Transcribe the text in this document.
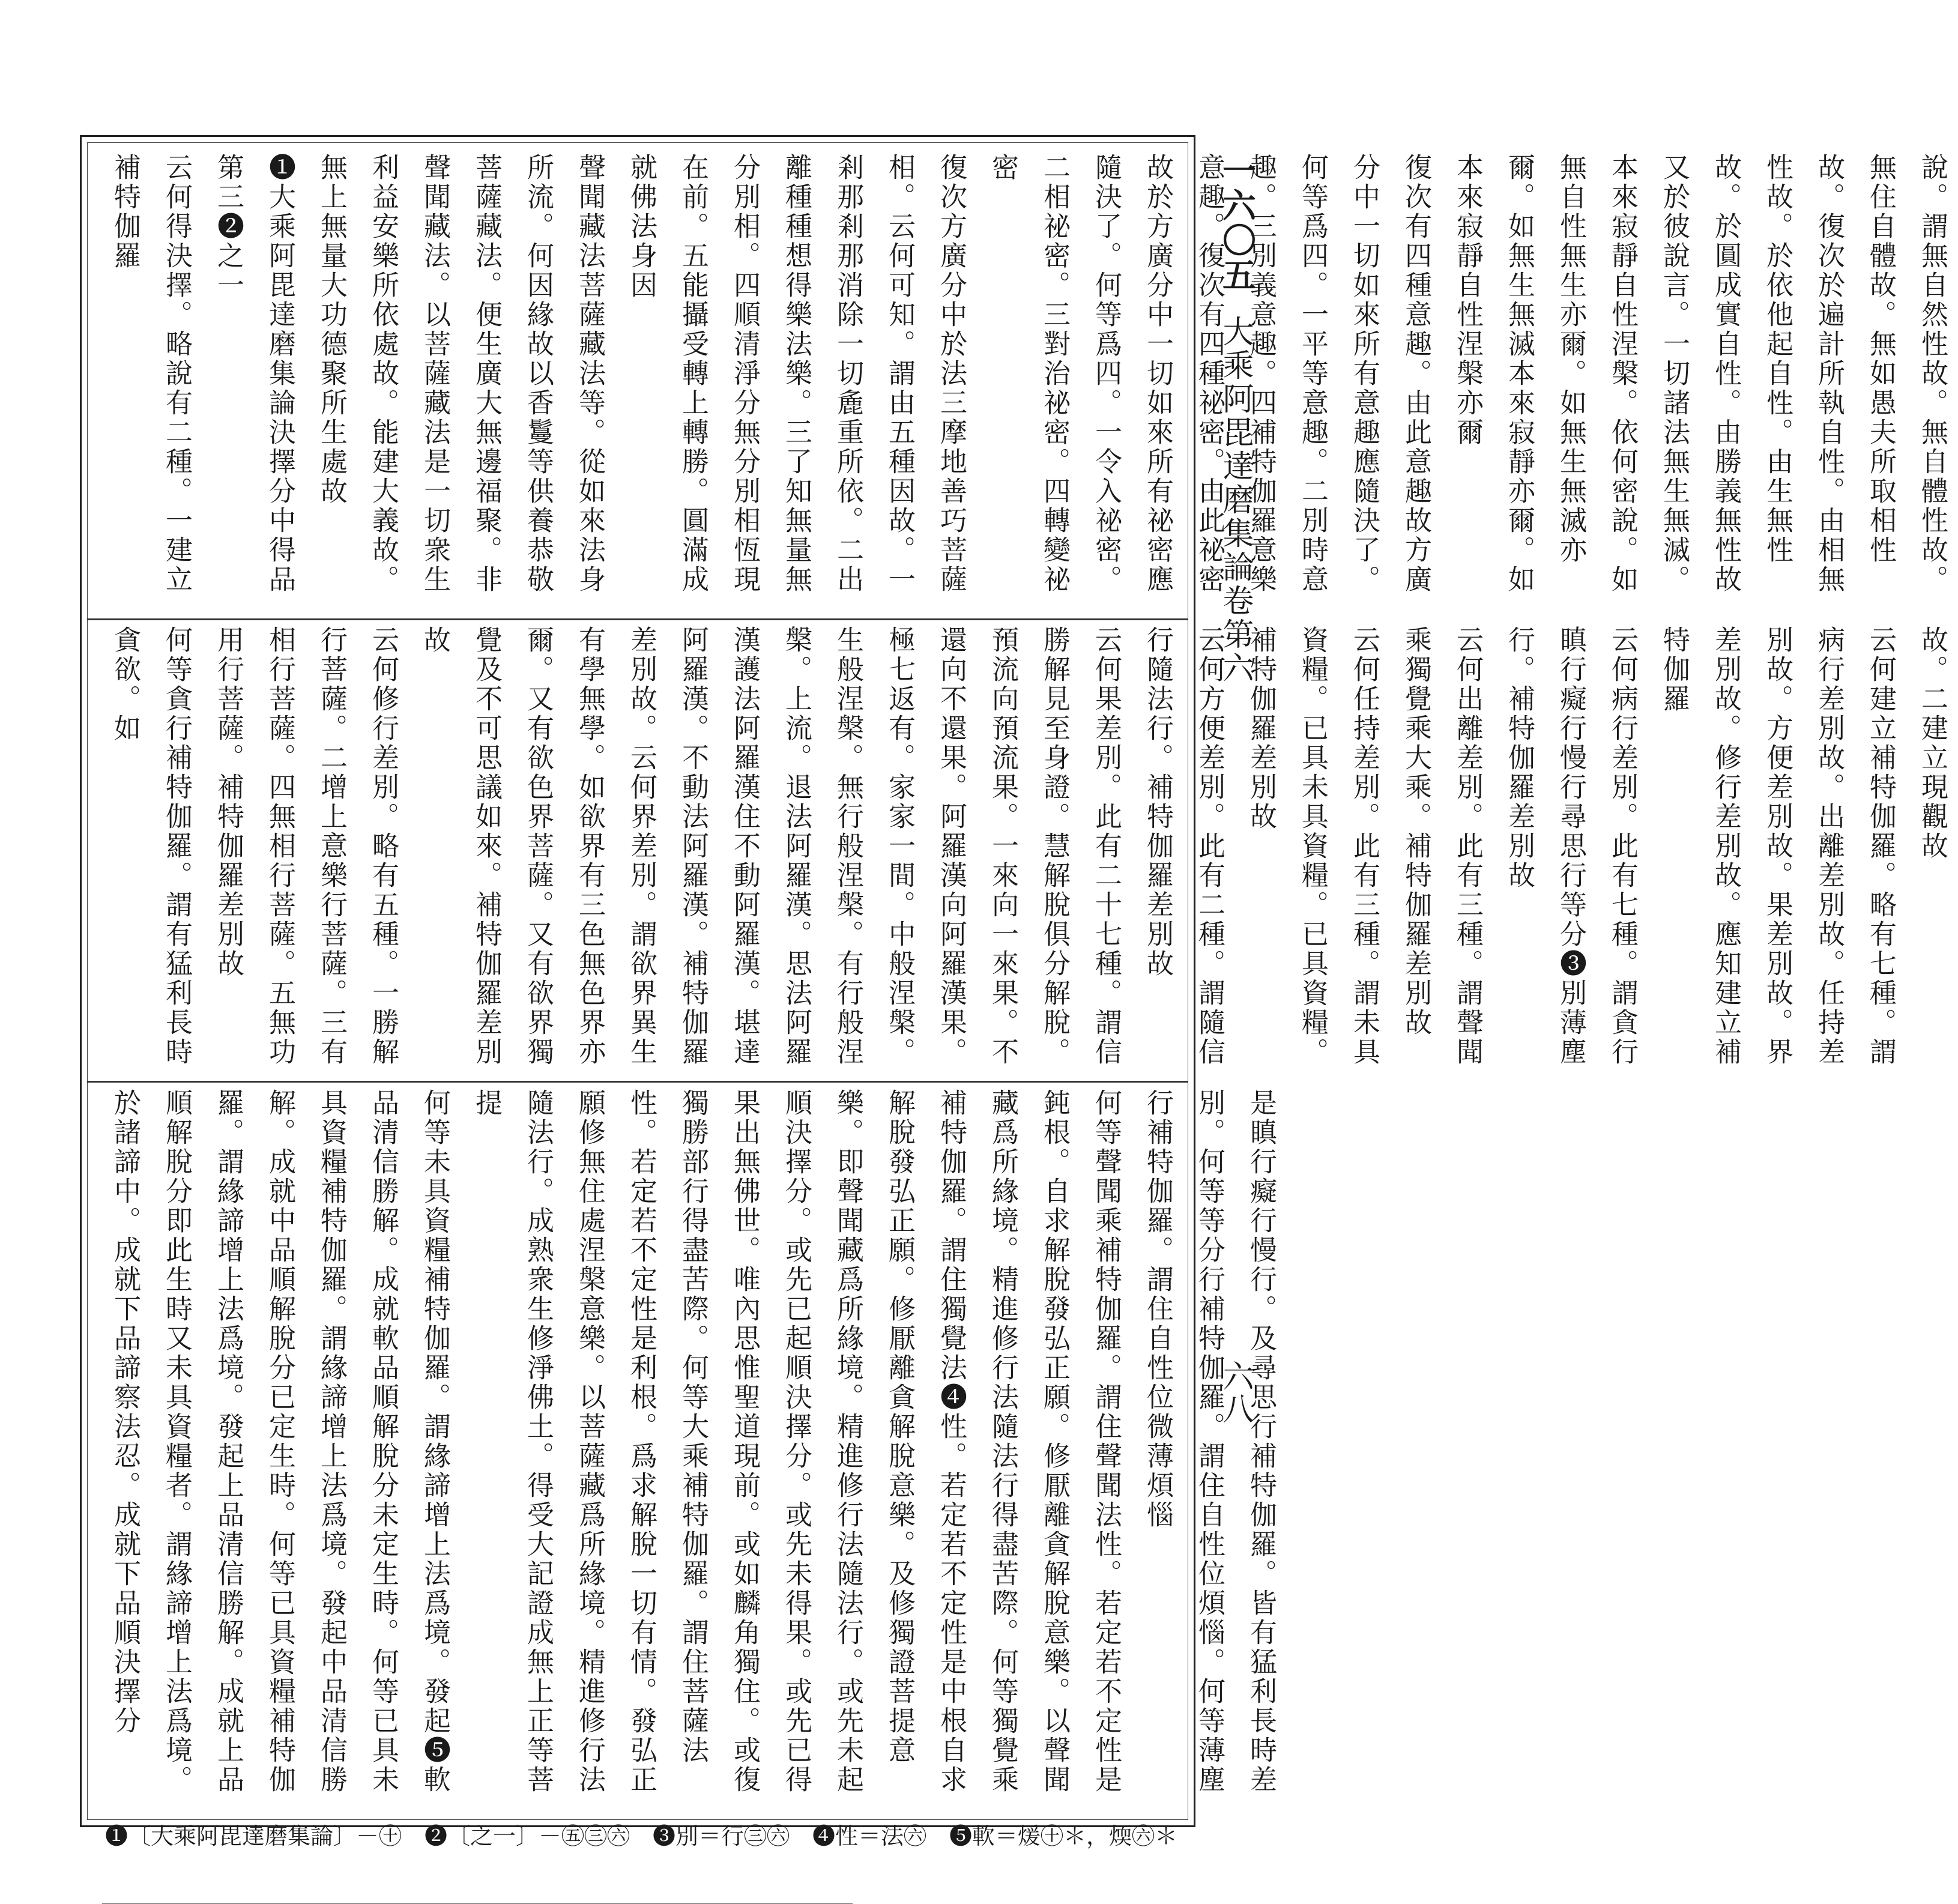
一六〇五
大乘阿毘達磨集論卷第六
六八
說。謂無自然性故。無自體性故。無住自體故。無如愚夫所取相性故。復次於遍計所執自性。由相無性故。於依他起自性。由生無性故。於圓成實自性。由勝義無性故
又於彼說言。一切諸法無生無滅。本來寂靜自性涅槃。依何密說。如無自性無生亦爾。如無生無滅亦爾。如無生無滅本來寂靜亦爾。如本來寂靜自性涅槃亦爾
復次有四種意趣。由此意趣故方廣分中一切如來所有意趣應隨決了。何等爲四。一平等意趣。二別時意趣。三別義意趣。四補特伽羅意樂意趣。復次有四種祕密。由此祕密故於方廣分中一切如來所有祕密應隨決了。何等爲四。一令入祕密。二相祕密。三對治祕密。四轉變祕密
復次方廣分中於法三摩地善巧菩薩相。云何可知。謂由五種因故。一剎那剎那消除一切麁重所依。二出離種種想得樂法樂。三了知無量無分別相。四順清淨分無分別相恆現在前。五能攝受轉上轉勝。圓滿成就佛法身因
聲聞藏法菩薩藏法等。從如來法身所流。何因緣故以香鬘等供養恭敬菩薩藏法。便生廣大無邊福聚。非聲聞藏法。以菩薩藏法是一切衆生利益安樂所依處故。能建大義故。無上無量大功德聚所生處故
❶大乘阿毘達磨集論決擇分中得品第三❷之一
云何得決擇。略說有二種。一建立補特伽羅
故。二建立現觀故
云何建立補特伽羅。略有七種。謂病行差別故。出離差別故。任持差別故。方便差別故。果差別故。界差別故。修行差別故。應知建立補特伽羅
云何病行差別。此有七種。謂貪行瞋行癡行慢行尋思行等分❸別薄塵行。補特伽羅差別故
云何出離差別。此有三種。謂聲聞乘獨覺乘大乘。補特伽羅差別故
云何任持差別。此有三種。謂未具資糧。已具未具資糧。已具資糧。補特伽羅差別故
云何方便差別。此有二種。謂隨信行隨法行。補特伽羅差別故
云何果差別。此有二十七種。謂信勝解見至身證。慧解脫俱分解脫。預流向預流果。一來向一來果。不還向不還果。阿羅漢向阿羅漢果。極七返有。家家一間。中般涅槃。生般涅槃。無行般涅槃。有行般涅槃。上流。退法阿羅漢。思法阿羅漢護法阿羅漢住不動阿羅漢。堪達阿羅漢。不動法阿羅漢。補特伽羅差別故。云何界差別。謂欲界異生有學無學。如欲界有三色無色界亦爾。又有欲色界菩薩。又有欲界獨覺及不可思議如來。補特伽羅差別故
云何修行差別。略有五種。一勝解行菩薩。二增上意樂行菩薩。三有相行菩薩。四無相行菩薩。五無功用行菩薩。補特伽羅差別故
何等貪行補特伽羅。謂有猛利長時貪欲。如
是瞋行癡行慢行。及尋思行補特伽羅。皆有猛利長時差別。何等等分行補特伽羅。謂住自性位煩惱。何等薄塵行補特伽羅。謂住自性位微薄煩惱
何等聲聞乘補特伽羅。謂住聲聞法性。若定若不定性是鈍根。自求解脫發弘正願。修厭離貪解脫意樂。以聲聞藏爲所緣境。精進修行法隨法行得盡苦際。何等獨覺乘補特伽羅。謂住獨覺法❹性。若定若不定性是中根自求解脫發弘正願。修厭離貪解脫意樂。及修獨證菩提意樂。即聲聞藏爲所緣境。精進修行法隨法行。或先未起順決擇分。或先已起順決擇分。或先未得果。或先已得果出無佛世。唯內思惟聖道現前。或如麟角獨住。或復獨勝部行得盡苦際。何等大乘補特伽羅。謂住菩薩法性。若定若不定性是利根。爲求解脫一切有情。發弘正願修無住處涅槃意樂。以菩薩藏爲所緣境。精進修行法隨法行。成熟衆生修淨佛土。得受大記證成無上正等菩提
何等未具資糧補特伽羅。謂緣諦增上法爲境。發起❺軟品清信勝解。成就軟品順解脫分未定生時。何等已具未具資糧補特伽羅。謂緣諦增上法爲境。發起中品清信勝解。成就中品順解脫分已定生時。何等已具資糧補特伽羅。謂緣諦增上法爲境。發起上品清信勝解。成就上品順解脫分即此生時又未具資糧者。謂緣諦增上法爲境。於諸諦中。成就下品諦察法忍。成就下品順決擇分
❶〔大乘阿毘達磨集論〕－㊉　❷〔之一〕－㊄㊂㊅　❸別＝行㊂㊅　❹性＝法㊅　❺軟＝煖㊉＊，煗㊅＊
